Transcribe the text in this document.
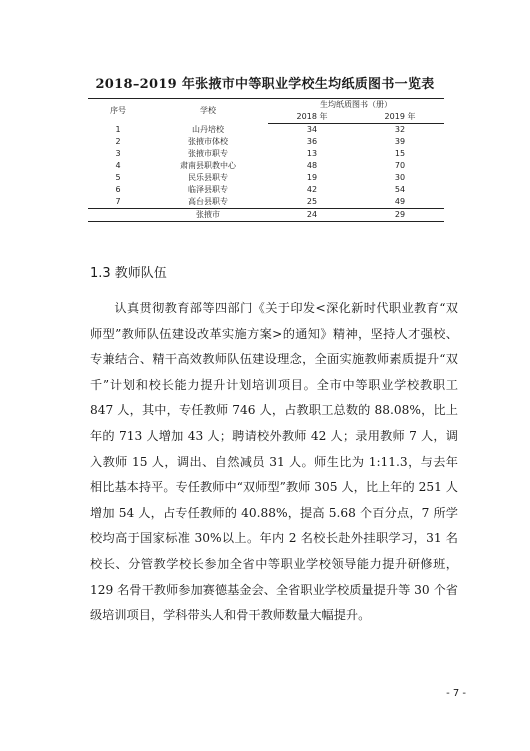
2018–2019 年张掖市中等职业学校生均纸质图书一览表
序号	学校	生均纸质图书（册）	
		2018 年	2019 年
1	山丹培校	34	32
2	张掖市体校	36	39
3	张掖市职专	13	15
4	肃南县职教中心	48	70
5	民乐县职专	19	30
6	临泽县职专	42	54
7	高台县职专	25	49
	张掖市	24	29
1.3 教师队伍

认真贯彻教育部等四部门《关于印发<深化新时代职业教育“双师型”教师队伍建设改革实施方案>的通知》精神，坚持人才强校、专兼结合、精干高效教师队伍建设理念，全面实施教师素质提升“双千”计划和校长能力提升计划培训项目。全市中等职业学校教职工 847 人，其中，专任教师 746 人，占教职工总数的 88.08%，比上年的 713 人增加 43 人；聘请校外教师 42 人；录用教师 7 人，调入教师 15 人，调出、自然减员 31 人。师生比为 1:11.3，与去年相比基本持平。专任教师中“双师型”教师 305 人，比上年的 251 人增加 54 人，占专任教师的 40.88%，提高 5.68 个百分点，7 所学校均高于国家标准 30%以上。年内 2 名校长赴外挂职学习，31 名校长、分管教学校长参加全省中等职业学校领导能力提升研修班，129 名骨干教师参加赛德基金会、全省职业学校质量提升等 30 个省级培训项目，学科带头人和骨干教师数量大幅提升。

- 7 -
